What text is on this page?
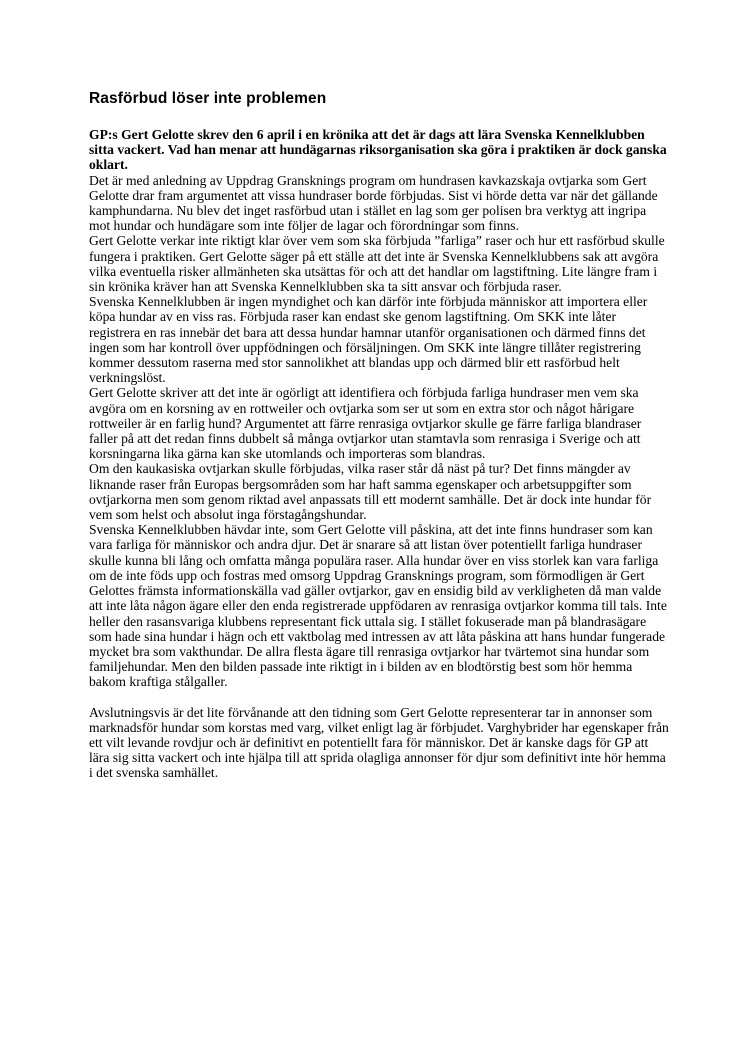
Rasförbud löser inte problemen

GP:s Gert Gelotte skrev den 6 april i en krönika att det är dags att lära Svenska Kennelklubben sitta vackert. Vad han menar att hundägarnas riksorganisation ska göra i praktiken är dock ganska oklart.

Det är med anledning av Uppdrag Gransknings program om hundrasen kavkazskaja ovtjarka som Gert Gelotte drar fram argumentet att vissa hundraser borde förbjudas. Sist vi hörde detta var när det gällande kamphundarna. Nu blev det inget rasförbud utan i stället en lag som ger polisen bra verktyg att ingripa mot hundar och hundägare som inte följer de lagar och förordningar som finns.

Gert Gelotte verkar inte riktigt klar över vem som ska förbjuda ”farliga” raser och hur ett rasförbud skulle fungera i praktiken. Gert Gelotte säger på ett ställe att det inte är Svenska Kennelklubbens sak att avgöra vilka eventuella risker allmänheten ska utsättas för och att det handlar om lagstiftning. Lite längre fram i sin krönika kräver han att Svenska Kennelklubben ska ta sitt ansvar och förbjuda raser.

Svenska Kennelklubben är ingen myndighet och kan därför inte förbjuda människor att importera eller köpa hundar av en viss ras. Förbjuda raser kan endast ske genom lagstiftning. Om SKK inte låter registrera en ras innebär det bara att dessa hundar hamnar utanför organisationen och därmed finns det ingen som har kontroll över uppfödningen och försäljningen. Om SKK inte längre tillåter registrering kommer dessutom raserna med stor sannolikhet att blandas upp och därmed blir ett rasförbud helt verkningslöst.

Gert Gelotte skriver att det inte är ogörligt att identifiera och förbjuda farliga hundraser men vem ska avgöra om en korsning av en rottweiler och ovtjarka som ser ut som en extra stor och något hårigare rottweiler är en farlig hund? Argumentet att färre renrasiga ovtjarkor skulle ge färre farliga blandraser faller på att det redan finns dubbelt så många ovtjarkor utan stamtavla som renrasiga i Sverige och att korsningarna lika gärna kan ske utomlands och importeras som blandras.

Om den kaukasiska ovtjarkan skulle förbjudas, vilka raser står då näst på tur? Det finns mängder av liknande raser från Europas bergsområden som har haft samma egenskaper och arbetsuppgifter som ovtjarkorna men som genom riktad avel anpassats till ett modernt samhälle. Det är dock inte hundar för vem som helst och absolut inga förstagångshundar.

Svenska Kennelklubben hävdar inte, som Gert Gelotte vill påskina, att det inte finns hundraser som kan vara farliga för människor och andra djur. Det är snarare så att listan över potentiellt farliga hundraser skulle kunna bli lång och omfatta många populära raser. Alla hundar över en viss storlek kan vara farliga om de inte föds upp och fostras med omsorg Uppdrag Gransknings program, som förmodligen är Gert Gelottes främsta informationskälla vad gäller ovtjarkor, gav en ensidig bild av verkligheten då man valde att inte låta någon ägare eller den enda registrerade uppfödaren av renrasiga ovtjarkor komma till tals. Inte heller den rasansvariga klubbens representant fick uttala sig. I stället fokuserade man på blandrasägare som hade sina hundar i hägn och ett vaktbolag med intressen av att låta påskina att hans hundar fungerade mycket bra som vakthundar. De allra flesta ägare till renrasiga ovtjarkor har tvärtemot sina hundar som familjehundar. Men den bilden passade inte riktigt in i bilden av en blodtörstig best som hör hemma bakom kraftiga stålgaller.

Avslutningsvis är det lite förvånande att den tidning som Gert Gelotte representerar tar in annonser som marknadsför hundar som korstas med varg, vilket enligt lag är förbjudet. Varghybrider har egenskaper från ett vilt levande rovdjur och är definitivt en potentiellt fara för människor. Det är kanske dags för GP att lära sig sitta vackert och inte hjälpa till att sprida olagliga annonser för djur som definitivt inte hör hemma i det svenska samhället.
